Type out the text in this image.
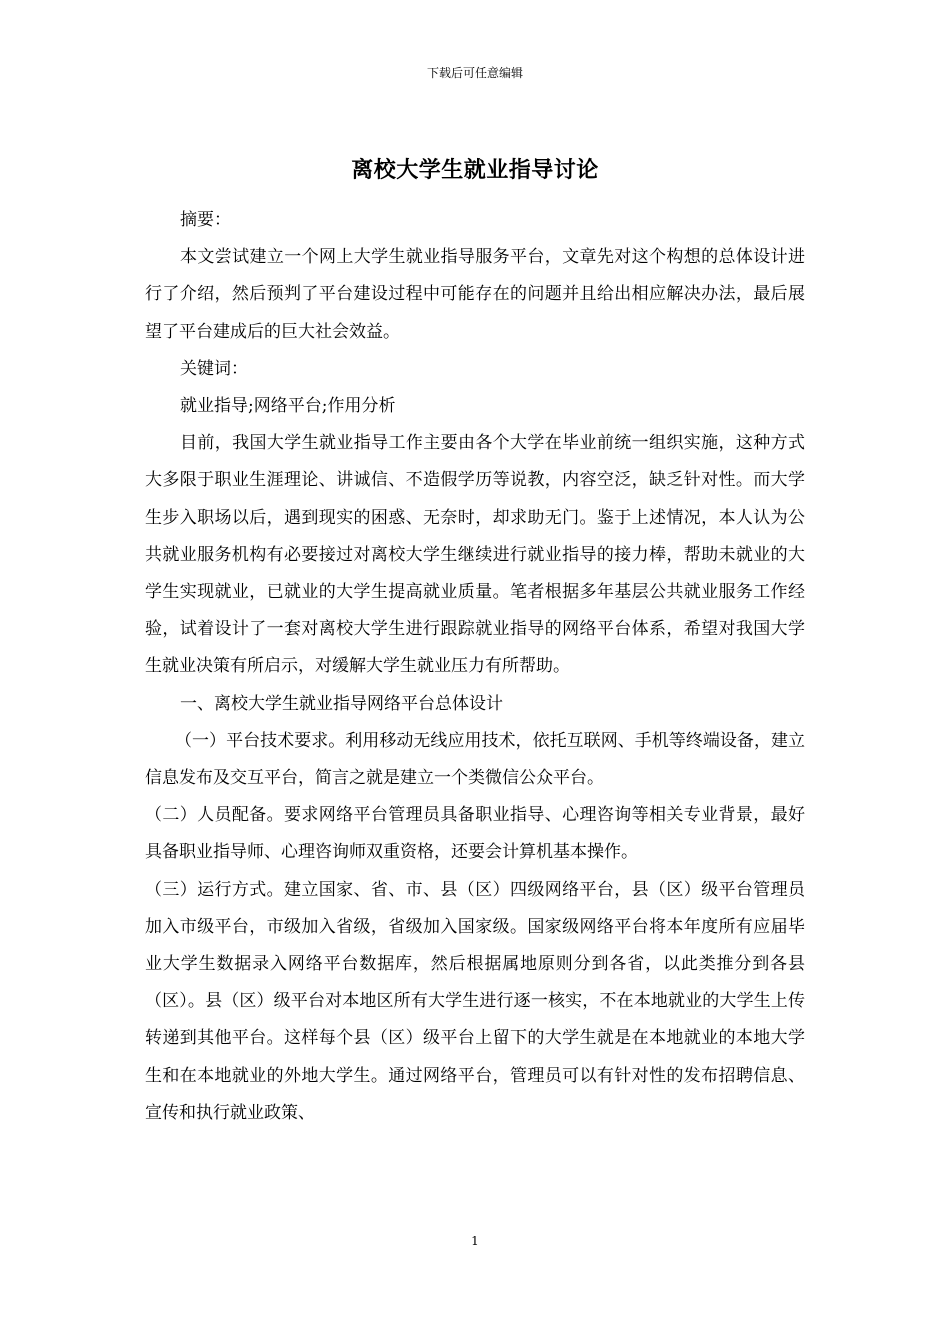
下载后可任意编辑
离校大学生就业指导讨论

摘要：

本文尝试建立一个网上大学生就业指导服务平台，文章先对这个构想的总体设计进行了介绍，然后预判了平台建设过程中可能存在的问题并且给出相应解决办法，最后展望了平台建成后的巨大社会效益。

关键词：

就业指导;网络平台;作用分析

目前，我国大学生就业指导工作主要由各个大学在毕业前统一组织实施，这种方式大多限于职业生涯理论、讲诚信、不造假学历等说教，内容空泛，缺乏针对性。而大学生步入职场以后，遇到现实的困惑、无奈时，却求助无门。鉴于上述情况，本人认为公共就业服务机构有必要接过对离校大学生继续进行就业指导的接力棒，帮助未就业的大学生实现就业，已就业的大学生提高就业质量。笔者根据多年基层公共就业服务工作经验，试着设计了一套对离校大学生进行跟踪就业指导的网络平台体系，希望对我国大学生就业决策有所启示，对缓解大学生就业压力有所帮助。

一、离校大学生就业指导网络平台总体设计

（一）平台技术要求。利用移动无线应用技术，依托互联网、手机等终端设备，建立信息发布及交互平台，简言之就是建立一个类微信公众平台。

（二）人员配备。要求网络平台管理员具备职业指导、心理咨询等相关专业背景，最好具备职业指导师、心理咨询师双重资格，还要会计算机基本操作。

（三）运行方式。建立国家、省、市、县（区）四级网络平台，县（区）级平台管理员加入市级平台，市级加入省级，省级加入国家级。国家级网络平台将本年度所有应届毕业大学生数据录入网络平台数据库，然后根据属地原则分到各省，以此类推分到各县（区）。县（区）级平台对本地区所有大学生进行逐一核实，不在本地就业的大学生上传转递到其他平台。这样每个县（区）级平台上留下的大学生就是在本地就业的本地大学生和在本地就业的外地大学生。通过网络平台，管理员可以有针对性的发布招聘信息、宣传和执行就业政策、

1
